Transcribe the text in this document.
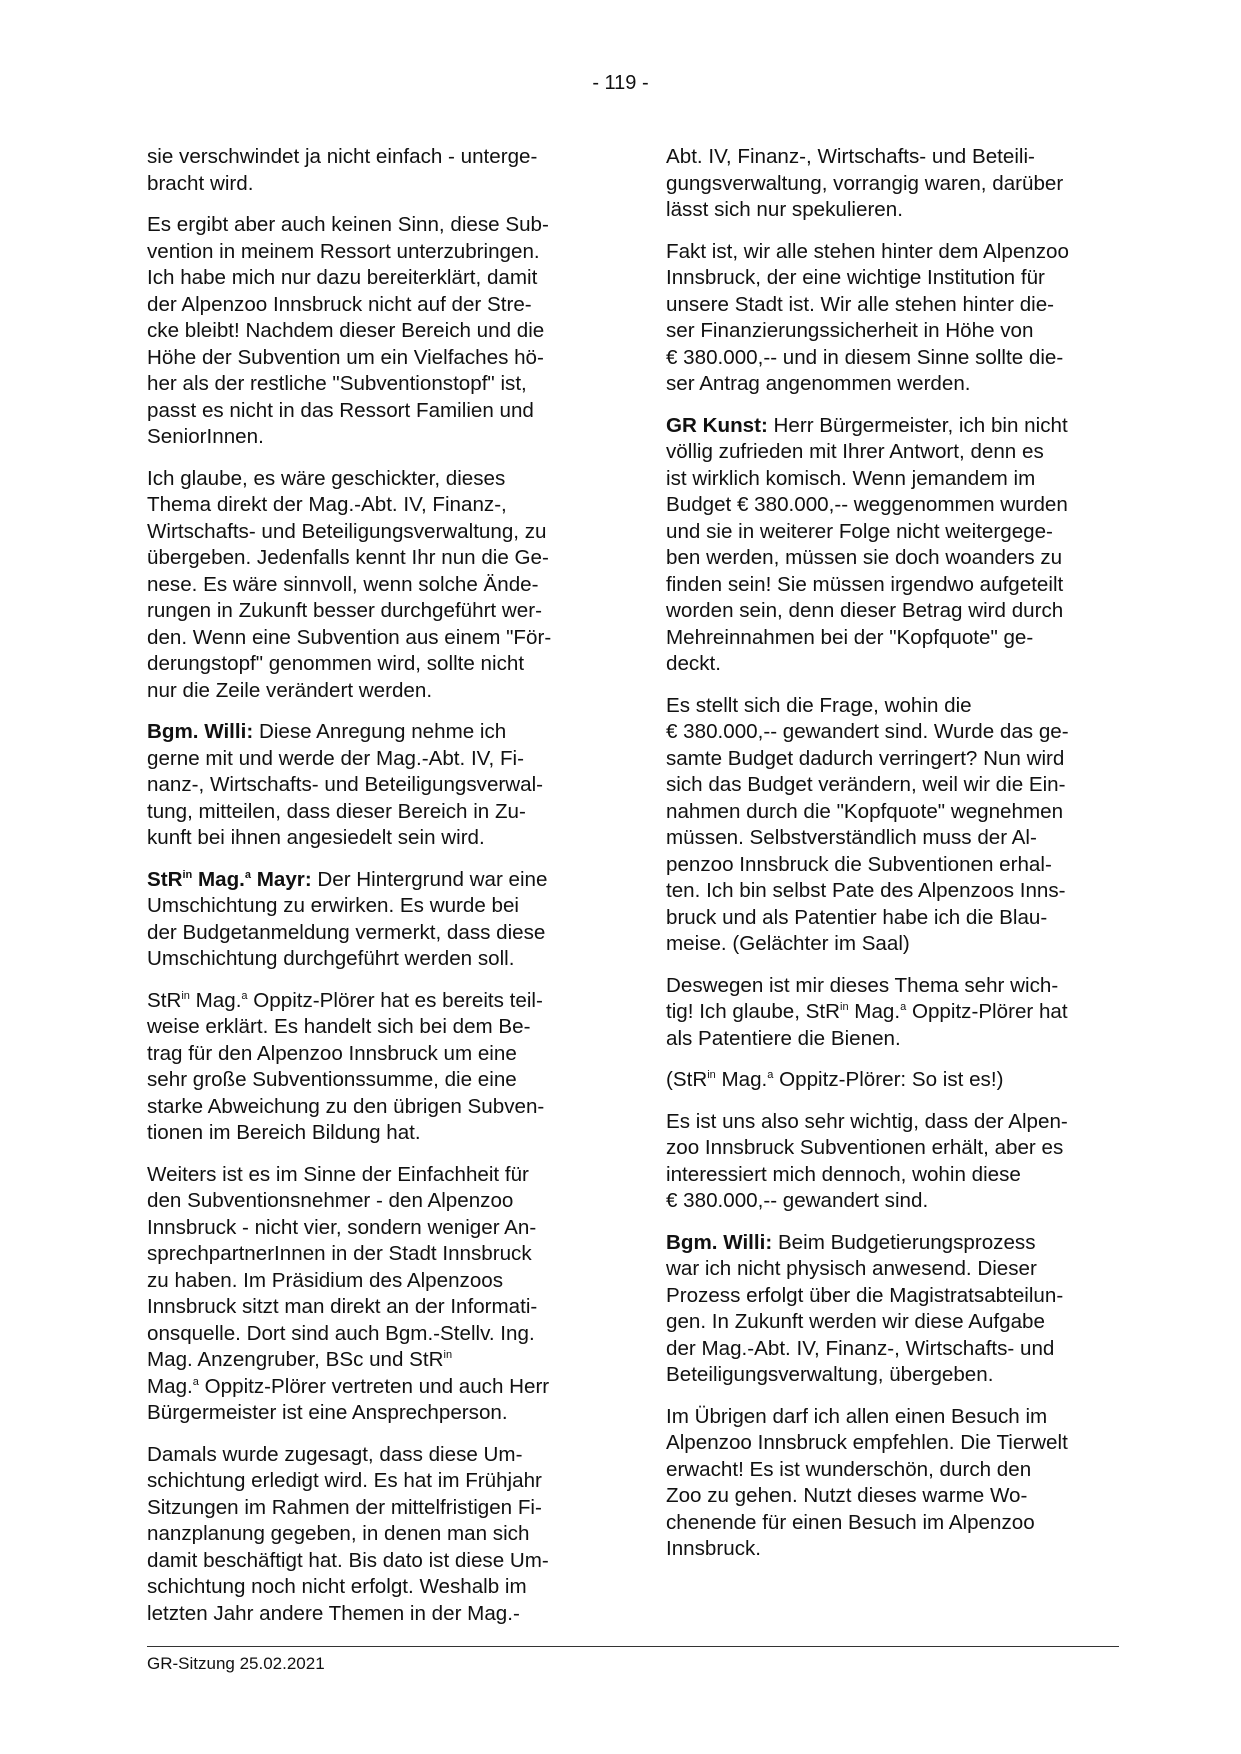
- 119 -

sie verschwindet ja nicht einfach - unterge-
bracht wird.

Es ergibt aber auch keinen Sinn, diese Sub-
vention in meinem Ressort unterzubringen.
Ich habe mich nur dazu bereiterklärt, damit
der Alpenzoo Innsbruck nicht auf der Stre-
cke bleibt! Nachdem dieser Bereich und die
Höhe der Subvention um ein Vielfaches hö-
her als der restliche "Subventionstopf" ist,
passt es nicht in das Ressort Familien und
SeniorInnen.

Ich glaube, es wäre geschickter, dieses
Thema direkt der Mag.-Abt. IV, Finanz-,
Wirtschafts- und Beteiligungsverwaltung, zu
übergeben. Jedenfalls kennt Ihr nun die Ge-
nese. Es wäre sinnvoll, wenn solche Ände-
rungen in Zukunft besser durchgeführt wer-
den. Wenn eine Subvention aus einem "För-
derungstopf" genommen wird, sollte nicht
nur die Zeile verändert werden.

Bgm. Willi: Diese Anregung nehme ich
gerne mit und werde der Mag.-Abt. IV, Fi-
nanz-, Wirtschafts- und Beteiligungsverwal-
tung, mitteilen, dass dieser Bereich in Zu-
kunft bei ihnen angesiedelt sein wird.

StR$^{in}$ Mag.$^a$ Mayr: Der Hintergrund war eine
Umschichtung zu erwirken. Es wurde bei
der Budgetanmeldung vermerkt, dass diese
Umschichtung durchgeführt werden soll.

StR$^{in}$ Mag.$^a$ Oppitz-Plörer hat es bereits teil-
weise erklärt. Es handelt sich bei dem Be-
trag für den Alpenzoo Innsbruck um eine
sehr große Subventionssumme, die eine
starke Abweichung zu den übrigen Subven-
tionen im Bereich Bildung hat.

Weiters ist es im Sinne der Einfachheit für
den Subventionsnehmer - den Alpenzoo
Innsbruck - nicht vier, sondern weniger An-
sprechpartnerInnen in der Stadt Innsbruck
zu haben. Im Präsidium des Alpenzoos
Innsbruck sitzt man direkt an der Informati-
onsquelle. Dort sind auch Bgm.-Stellv. Ing.
Mag. Anzengruber, BSc und StR$^{in}$
Mag.$^a$ Oppitz-Plörer vertreten und auch Herr
Bürgermeister ist eine Ansprechperson.

Damals wurde zugesagt, dass diese Um-
schichtung erledigt wird. Es hat im Frühjahr
Sitzungen im Rahmen der mittelfristigen Fi-
nanzplanung gegeben, in denen man sich
damit beschäftigt hat. Bis dato ist diese Um-
schichtung noch nicht erfolgt. Weshalb im
letzten Jahr andere Themen in der Mag.-

Abt. IV, Finanz-, Wirtschafts- und Beteili-
gungsverwaltung, vorrangig waren, darüber
lässt sich nur spekulieren.

Fakt ist, wir alle stehen hinter dem Alpenzoo
Innsbruck, der eine wichtige Institution für
unsere Stadt ist. Wir alle stehen hinter die-
ser Finanzierungssicherheit in Höhe von
€ 380.000,-- und in diesem Sinne sollte die-
ser Antrag angenommen werden.

GR Kunst: Herr Bürgermeister, ich bin nicht
völlig zufrieden mit Ihrer Antwort, denn es
ist wirklich komisch. Wenn jemandem im
Budget € 380.000,-- weggenommen wurden
und sie in weiterer Folge nicht weitergege-
ben werden, müssen sie doch woanders zu
finden sein! Sie müssen irgendwo aufgeteilt
worden sein, denn dieser Betrag wird durch
Mehreinnahmen bei der "Kopfquote" ge-
deckt.

Es stellt sich die Frage, wohin die
€ 380.000,-- gewandert sind. Wurde das ge-
samte Budget dadurch verringert? Nun wird
sich das Budget verändern, weil wir die Ein-
nahmen durch die "Kopfquote" wegnehmen
müssen. Selbstverständlich muss der Al-
penzoo Innsbruck die Subventionen erhal-
ten. Ich bin selbst Pate des Alpenzoos Inns-
bruck und als Patentier habe ich die Blau-
meise. (Gelächter im Saal)

Deswegen ist mir dieses Thema sehr wich-
tig! Ich glaube, StR$^{in}$ Mag.$^a$ Oppitz-Plörer hat
als Patentiere die Bienen.

(StR$^{in}$ Mag.$^a$ Oppitz-Plörer: So ist es!)

Es ist uns also sehr wichtig, dass der Alpen-
zoo Innsbruck Subventionen erhält, aber es
interessiert mich dennoch, wohin diese
€ 380.000,-- gewandert sind.

Bgm. Willi: Beim Budgetierungsprozess
war ich nicht physisch anwesend. Dieser
Prozess erfolgt über die Magistratsabteilun-
gen. In Zukunft werden wir diese Aufgabe
der Mag.-Abt. IV, Finanz-, Wirtschafts- und
Beteiligungsverwaltung, übergeben.

Im Übrigen darf ich allen einen Besuch im
Alpenzoo Innsbruck empfehlen. Die Tierwelt
erwacht! Es ist wunderschön, durch den
Zoo zu gehen. Nutzt dieses warme Wo-
chenende für einen Besuch im Alpenzoo
Innsbruck.

GR-Sitzung 25.02.2021
